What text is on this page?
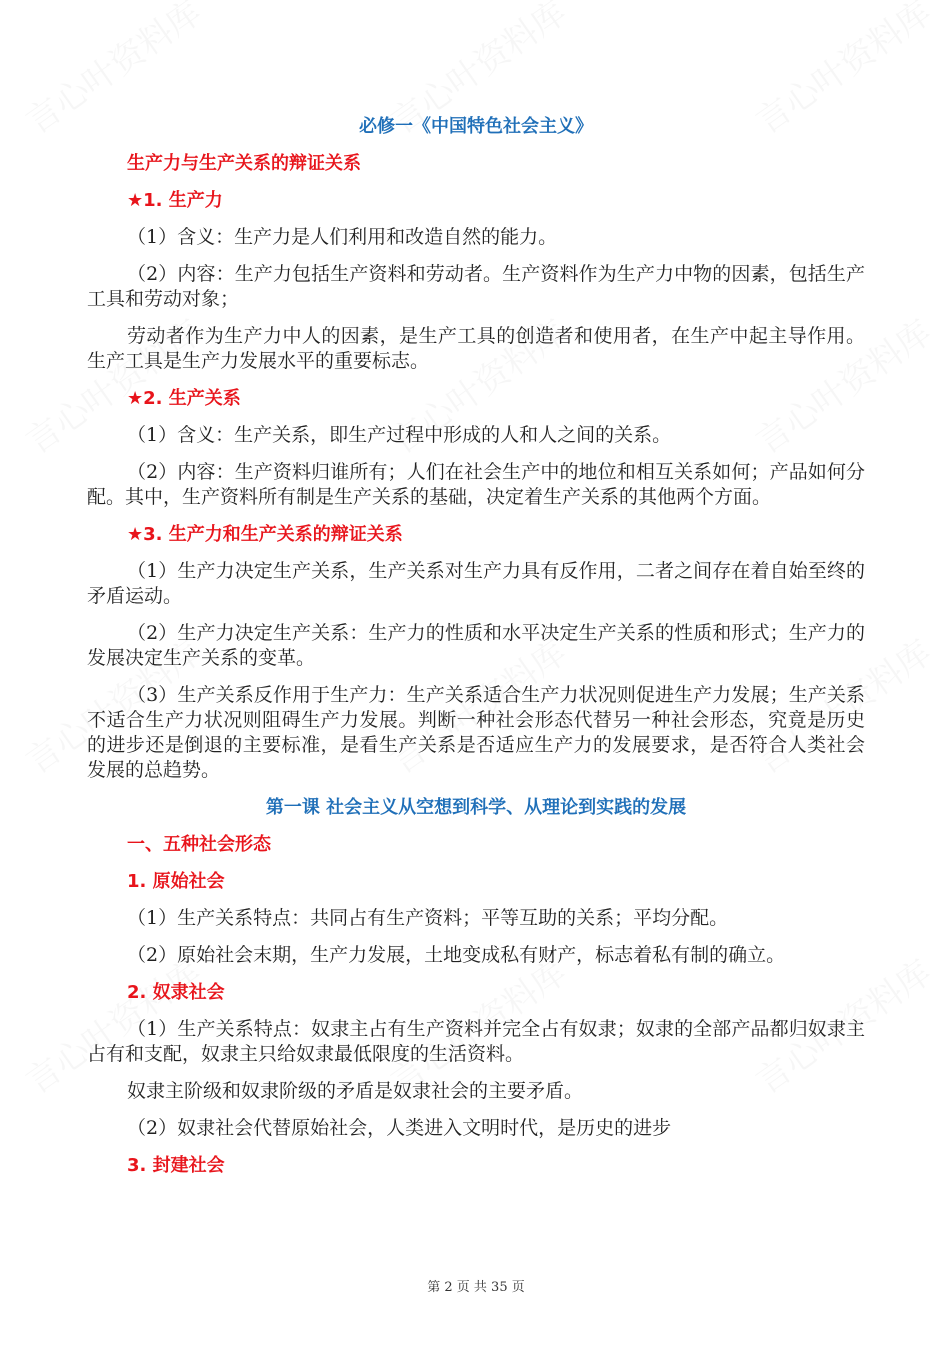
必修一《中国特色社会主义》
生产力与生产关系的辩证关系
★1. 生产力
（1）含义：生产力是人们利用和改造自然的能力。
（2）内容：生产力包括生产资料和劳动者。生产资料作为生产力中物的因素，包括生产工具和劳动对象；
劳动者作为生产力中人的因素，是生产工具的创造者和使用者，在生产中起主导作用。生产工具是生产力发展水平的重要标志。
★2. 生产关系
（1）含义：生产关系，即生产过程中形成的人和人之间的关系。
（2）内容：生产资料归谁所有；人们在社会生产中的地位和相互关系如何；产品如何分配。其中，生产资料所有制是生产关系的基础，决定着生产关系的其他两个方面。
★3. 生产力和生产关系的辩证关系
（1）生产力决定生产关系，生产关系对生产力具有反作用，二者之间存在着自始至终的矛盾运动。
（2）生产力决定生产关系：生产力的性质和水平决定生产关系的性质和形式；生产力的发展决定生产关系的变革。
（3）生产关系反作用于生产力：生产关系适合生产力状况则促进生产力发展；生产关系不适合生产力状况则阻碍生产力发展。判断一种社会形态代替另一种社会形态，究竟是历史的进步还是倒退的主要标准，是看生产关系是否适应生产力的发展要求，是否符合人类社会发展的总趋势。
第一课 社会主义从空想到科学、从理论到实践的发展
一、五种社会形态
1. 原始社会
（1）生产关系特点：共同占有生产资料；平等互助的关系；平均分配。
（2）原始社会末期，生产力发展，土地变成私有财产，标志着私有制的确立。
2. 奴隶社会
（1）生产关系特点：奴隶主占有生产资料并完全占有奴隶；奴隶的全部产品都归奴隶主占有和支配，奴隶主只给奴隶最低限度的生活资料。
奴隶主阶级和奴隶阶级的矛盾是奴隶社会的主要矛盾。
（2）奴隶社会代替原始社会，人类进入文明时代，是历史的进步
3. 封建社会
第 2 页 共 35 页
